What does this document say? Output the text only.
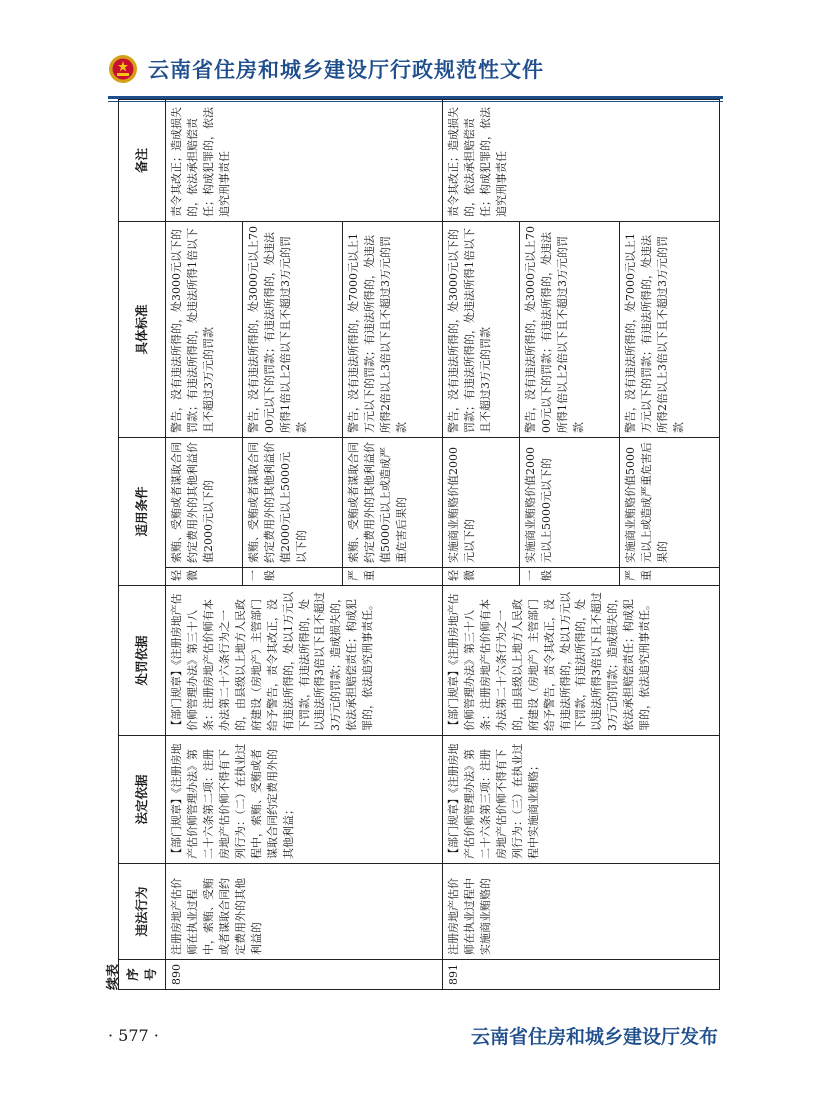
云南省住房和城乡建设厅行政规范性文件
续表 序号	违法行为	法定依据	处罚依据	适用条件		具体标准	备注
890	注册房地产估价师在执业过程中，索贿、受贿或者谋取合同约定费用外的其他利益的	【部门规章】《注册房地产估价师管理办法》第二十六条第二项：注册房地产估价师不得有下列行为：（二）在执业过程中，索贿、受贿或者谋取合同约定费用外的其他利益；	【部门规章】《注册房地产估价师管理办法》第三十八条：注册房地产估价师有本办法第二十六条行为之一的，由县级以上地方人民政府建设（房地产）主管部门给予警告，责令其改正，没有违法所得的，处以1万元以下罚款，有违法所得的，处以违法所得3倍以下且不超过3万元的罚款；造成损失的，依法承担赔偿责任；构成犯罪的，依法追究刑事责任。	轻微	索贿、受贿或者谋取合同约定费用外的其他利益价值2000元以下的	警告，没有违法所得的，处3000元以下的罚款；有违法所得的，处违法所得1倍以下且不超过3万元的罚款	责令其改正；造成损失的，依法承担赔偿责任；构成犯罪的，依法追究刑事责任
				一般	索贿、受贿或者谋取合同约定费用外的其他利益价值2000元以上5000元以下的	警告，没有违法所得的，处3000元以上7000元以下的罚款；有违法所得的，处违法所得1倍以上2倍以下且不超过3万元的罚款	
				严重	索贿、受贿或者谋取合同约定费用外的其他利益价值5000元以上或造成严重危害后果的	警告，没有违法所得的，处7000元以上1万元以下的罚款；有违法所得的，处违法所得2倍以上3倍以下且不超过3万元的罚款	
891	注册房地产估价师在执业过程中实施商业贿赂的	【部门规章】《注册房地产估价师管理办法》第二十六条第三项：注册房地产估价师不得有下列行为：（三）在执业过程中实施商业贿赂；	【部门规章】《注册房地产估价师管理办法》第三十八条：注册房地产估价师有本办法第二十六条行为之一的，由县级以上地方人民政府建设（房地产）主管部门给予警告，责令其改正，没有违法所得的，处以1万元以下罚款，有违法所得的，处以违法所得3倍以下且不超过3万元的罚款；造成损失的，依法承担赔偿责任；构成犯罪的，依法追究刑事责任。	轻微	实施商业贿赂价值2000元以下的	警告，没有违法所得的，处3000元以下的罚款；有违法所得的，处违法所得1倍以下且不超过3万元的罚款	责令其改正；造成损失的，依法承担赔偿责任；构成犯罪的，依法追究刑事责任
				一般	实施商业贿赂价值2000元以上5000元以下的	警告，没有违法所得的，处3000元以上7000元以下的罚款；有违法所得的，处违法所得1倍以上2倍以下且不超过3万元的罚款	
				严重	实施商业贿赂价值5000元以上或造成严重危害后果的	警告，没有违法所得的，处7000元以上1万元以下的罚款；有违法所得的，处违法所得2倍以上3倍以下且不超过3万元的罚款	
· 577 ·	云南省住房和城乡建设厅发布
